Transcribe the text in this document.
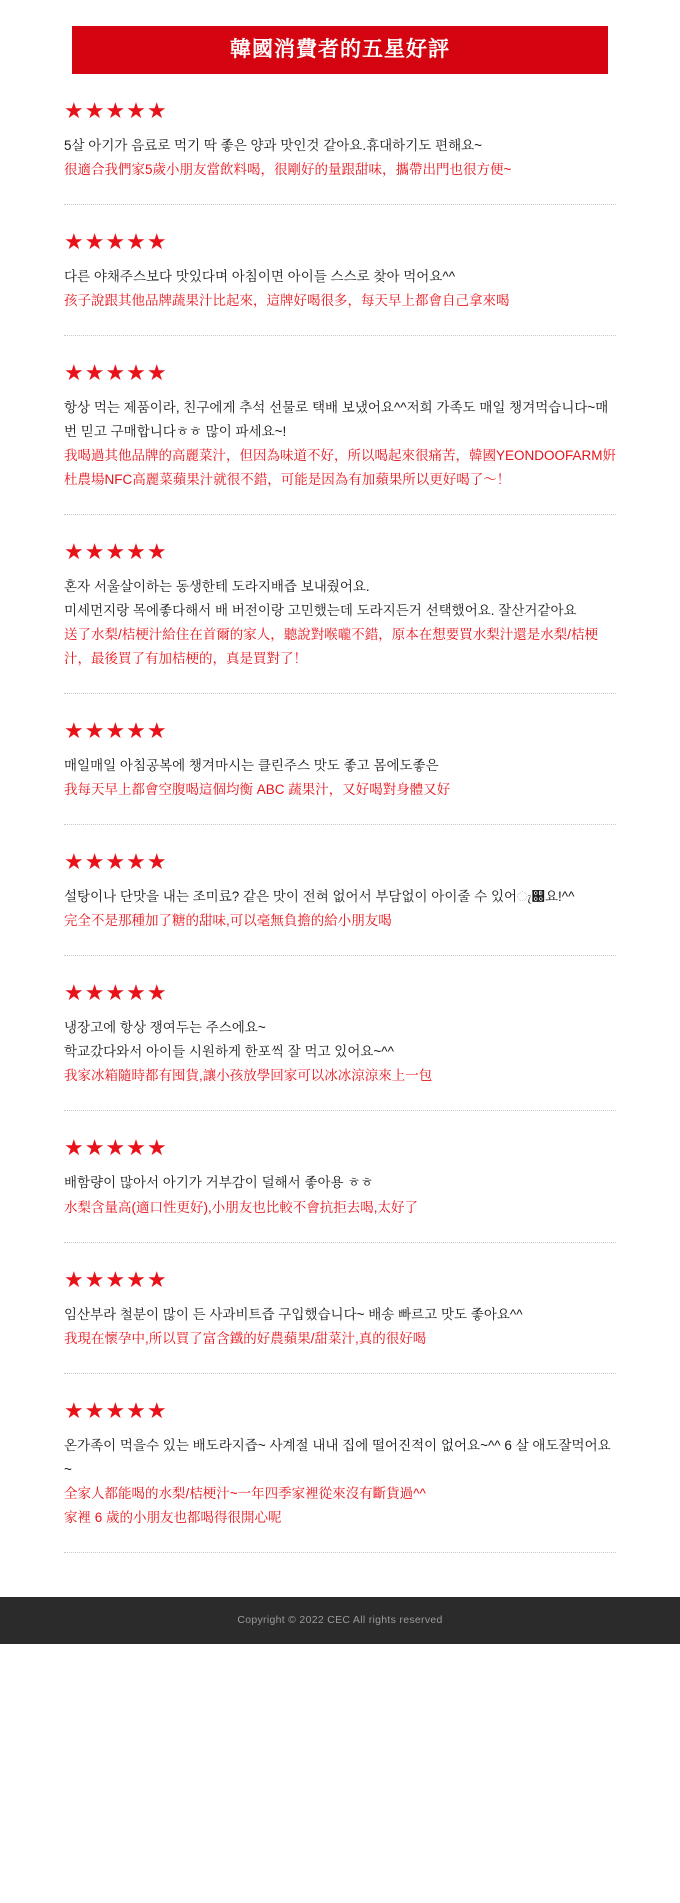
韓國消費者的五星好評
★★★★★

5살 아기가 음료로 먹기 딱 좋은 양과 맛인것 같아요.휴대하기도 편해요~

很適合我們家5歲小朋友當飲料喝，很剛好的量跟甜味，攜帶出門也很方便~

★★★★★

다른 야채주스보다 맛있다며 아침이면 아이들 스스로 찾아 먹어요^^

孩子說跟其他品牌蔬果汁比起來，這牌好喝很多，每天早上都會自己拿來喝

★★★★★

항상 먹는 제품이라, 친구에게 추석 선물로 택배 보냈어요^^저희 가족도 매일 챙겨먹습니다~매번 믿고 구매합니다ㅎㅎ 많이 파세요~!

我喝過其他品牌的高麗菜汁，但因為味道不好，所以喝起來很痛苦，韓國YEONDOOFARM姸杜農場NFC高麗菜蘋果汁就很不錯，可能是因為有加蘋果所以更好喝了〜！

★★★★★

혼자 서울살이하는 동생한테 도라지배즙 보내줬어요.

미세먼지랑 목에좋다해서 배 버전이랑 고민했는데 도라지든거 선택했어요. 잘산거같아요

送了水梨/桔梗汁給住在首爾的家人，聽說對喉嚨不錯，原本在想要買水梨汁還是水梨/桔梗汁，最後買了有加桔梗的，真是買對了！

★★★★★

매일매일 아침공복에 챙겨마시는 클린주스 맛도 좋고 몸에도좋은

我每天早上都會空腹喝這個均衡 ABC 蔬果汁，又好喝對身體又好

★★★★★

설탕이나 단맛을 내는 조미료? 같은 맛이 전혀 없어서 부담없이 아이줄 수 있어ැ଀요!^^

完全不是那種加了糖的甜味,可以毫無負擔的給小朋友喝

★★★★★

냉장고에 항상 쟁여두는 주스에요~

학교갔다와서 아이들 시원하게 한포씩 잘 먹고 있어요~^^

我家冰箱隨時都有囤貨,讓小孩放學回家可以冰冰涼涼來上一包

★★★★★

배함량이 많아서 아기가 거부감이 덜해서 좋아용 ㅎㅎ

水梨含量高(適口性更好),小朋友也比較不會抗拒去喝,太好了

★★★★★

임산부라 철분이 많이 든 사과비트즙 구입했습니다~ 배송 빠르고 맛도 좋아요^^

我現在懷孕中,所以買了富含鐵的好農蘋果/甜菜汁,真的很好喝

★★★★★

온가족이 먹을수 있는 배도라지즙~ 사계절 내내 집에 떨어진적이 없어요~^^ 6 살 애도잘먹어요~

全家人都能喝的水梨/桔梗汁~一年四季家裡從來沒有斷貨過^^

家裡 6 歲的小朋友也都喝得很開心呢

Copyright © 2022 CEC All rights reserved
